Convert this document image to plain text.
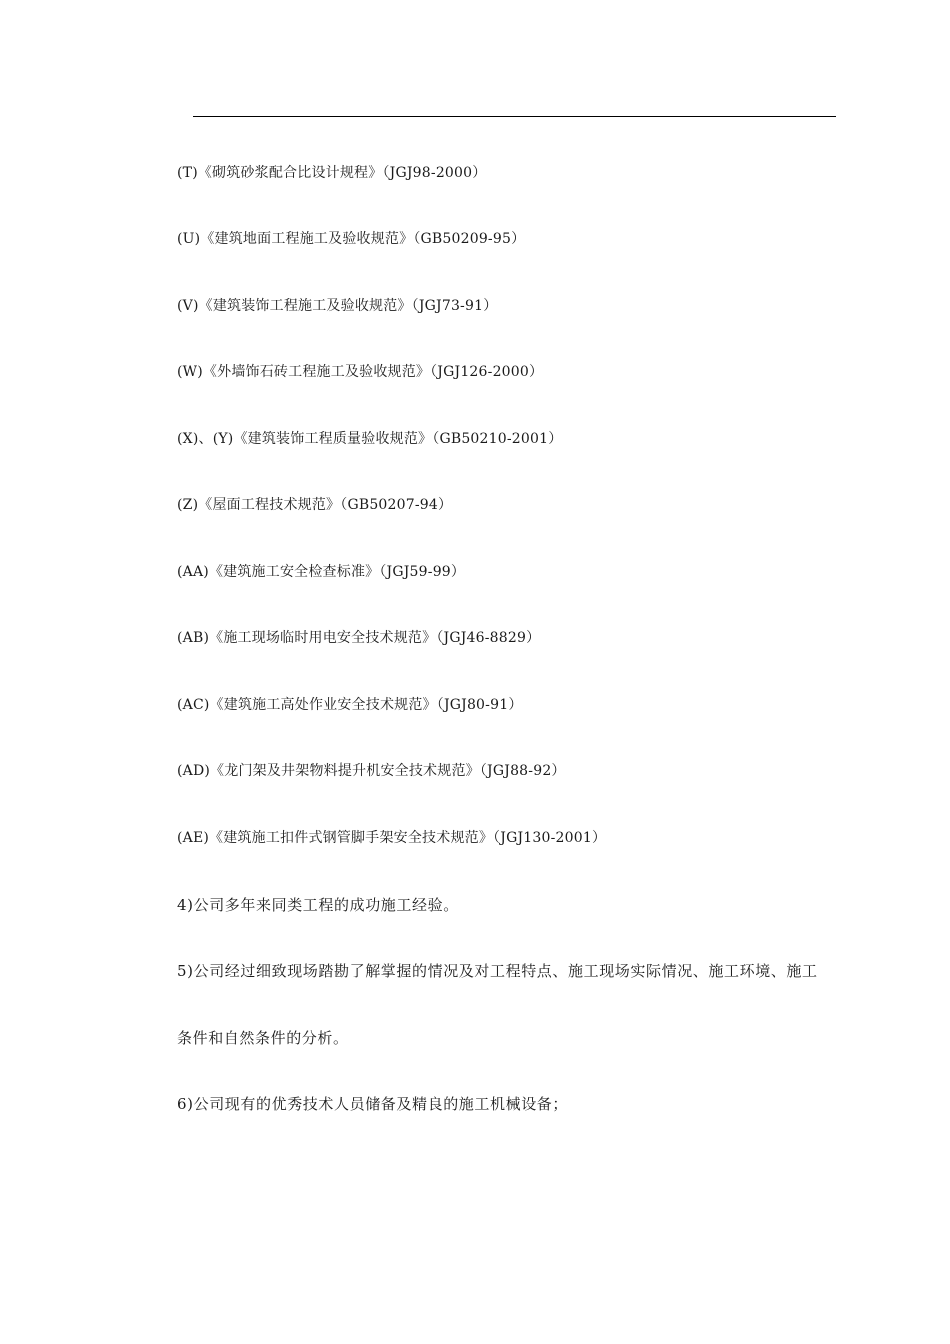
(T)《砌筑砂浆配合比设计规程》（JGJ98-2000）
(U)《建筑地面工程施工及验收规范》（GB50209-95）
(V)《建筑装饰工程施工及验收规范》（JGJ73-91）
(W)《外墙饰石砖工程施工及验收规范》（JGJ126-2000）
(X)、(Y)《建筑装饰工程质量验收规范》（GB50210-2001）
(Z)《屋面工程技术规范》（GB50207-94）
(AA)《建筑施工安全检查标准》（JGJ59-99）
(AB)《施工现场临时用电安全技术规范》（JGJ46-8829）
(AC)《建筑施工高处作业安全技术规范》（JGJ80-91）
(AD)《龙门架及井架物料提升机安全技术规范》（JGJ88-92）
(AE)《建筑施工扣件式钢管脚手架安全技术规范》（JGJ130-2001）
4)公司多年来同类工程的成功施工经验。
5)公司经过细致现场踏勘了解掌握的情况及对工程特点、施工现场实际情况、施工环境、施工
条件和自然条件的分析。
6)公司现有的优秀技术人员储备及精良的施工机械设备；
